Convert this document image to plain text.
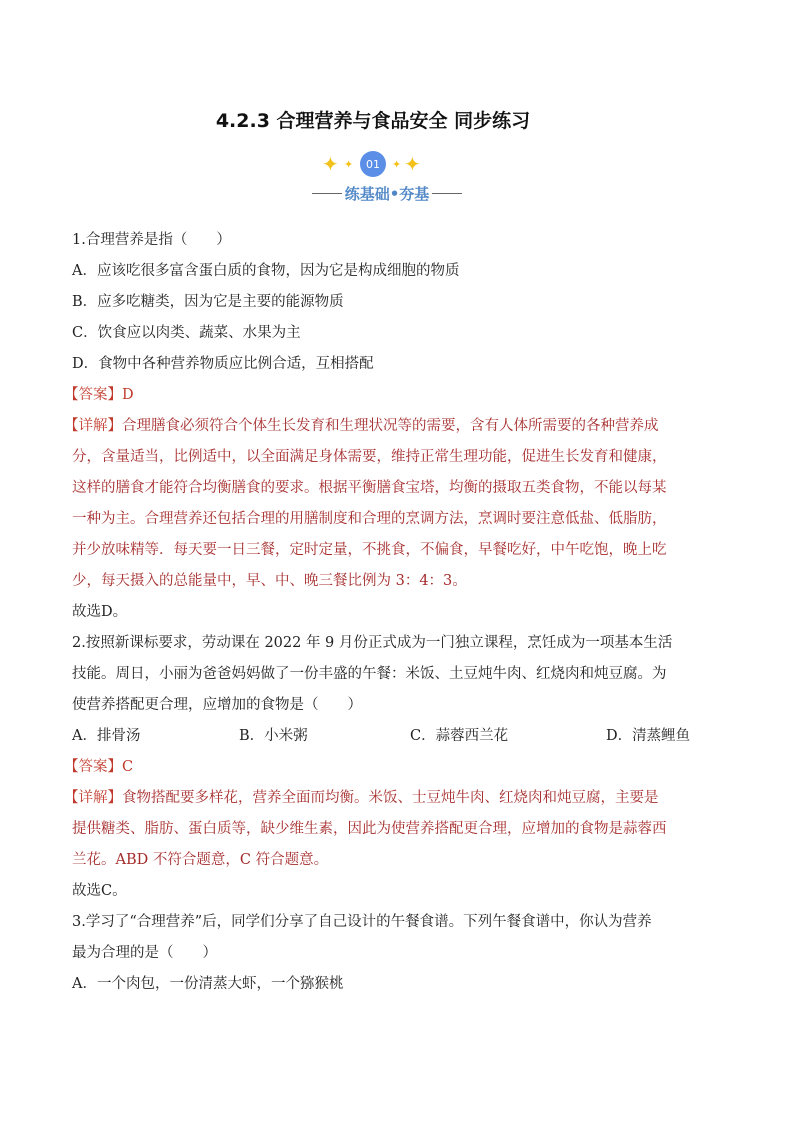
4.2.3 合理营养与食品安全 同步练习
✦ ✦	01	✦ ✦
练基础•夯基
1.合理营养是指（　　）
A．应该吃很多富含蛋白质的食物，因为它是构成细胞的物质
B．应多吃糖类，因为它是主要的能源物质
C．饮食应以肉类、蔬菜、水果为主
D．食物中各种营养物质应比例合适，互相搭配
【答案】D
【详解】合理膳食必须符合个体生长发育和生理状况等的需要，含有人体所需要的各种营养成
分，含量适当，比例适中，以全面满足身体需要，维持正常生理功能，促进生长发育和健康，
这样的膳食才能符合均衡膳食的要求。根据平衡膳食宝塔，均衡的摄取五类食物，不能以每某
一种为主。合理营养还包括合理的用膳制度和合理的烹调方法，烹调时要注意低盐、低脂肪，
并少放味精等．每天要一日三餐，定时定量，不挑食，不偏食，早餐吃好，中午吃饱，晚上吃
少，每天摄入的总能量中，早、中、晚三餐比例为 3：4：3。
故选D。
2.按照新课标要求，劳动课在 2022 年 9 月份正式成为一门独立课程，烹饪成为一项基本生活
技能。周日，小丽为爸爸妈妈做了一份丰盛的午餐：米饭、土豆炖牛肉、红烧肉和炖豆腐。为
使营养搭配更合理，应增加的食物是（　　）
A．排骨汤	B．小米粥	C．蒜蓉西兰花	D．清蒸鲤鱼
【答案】C
【详解】食物搭配要多样花，营养全面而均衡。米饭、士豆炖牛肉、红烧肉和炖豆腐，主要是
提供糖类、脂肪、蛋白质等，缺少维生素，因此为使营养搭配更合理，应增加的食物是蒜蓉西
兰花。ABD 不符合题意，C 符合题意。
故选C。
3.学习了“合理营养”后，同学们分享了自己设计的午餐食谱。下列午餐食谱中，你认为营养
最为合理的是（　　）
A．一个肉包，一份清蒸大虾，一个猕猴桃
